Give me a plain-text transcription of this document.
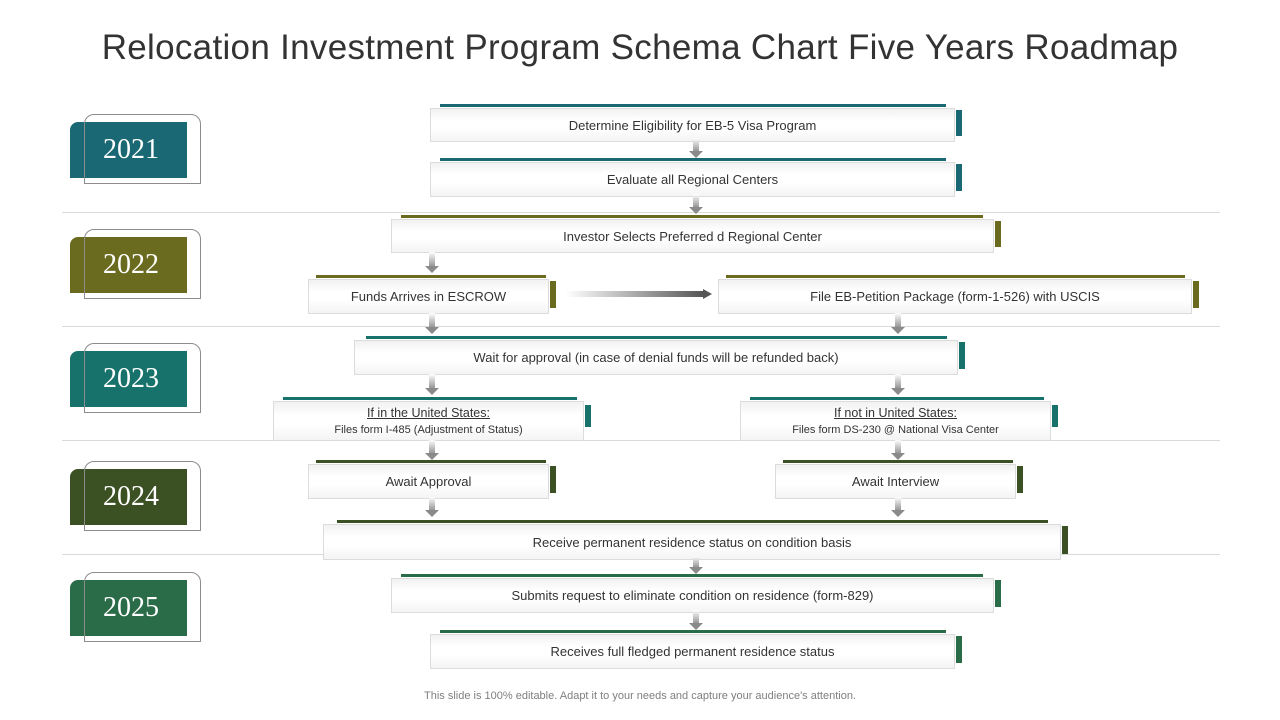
Relocation Investment Program Schema Chart Five Years Roadmap
2021
2022
2023
2024
2025
Determine Eligibility for EB-5 Visa Program
Evaluate all Regional Centers
Investor Selects Preferred d Regional Center
Funds Arrives in ESCROW	File EB-Petition Package (form-1-526) with USCIS
Wait for approval (in case of denial funds will be refunded back)
If in the United States:
Files form I-485 (Adjustment of Status)
If not in United States:
Files form DS-230 @ National Visa Center
Await Approval	Await Interview
Receive permanent residence status on condition basis
Submits request to eliminate condition on residence (form-829)
Receives full fledged permanent residence status
This slide is 100% editable. Adapt it to your needs and capture your audience's attention.
